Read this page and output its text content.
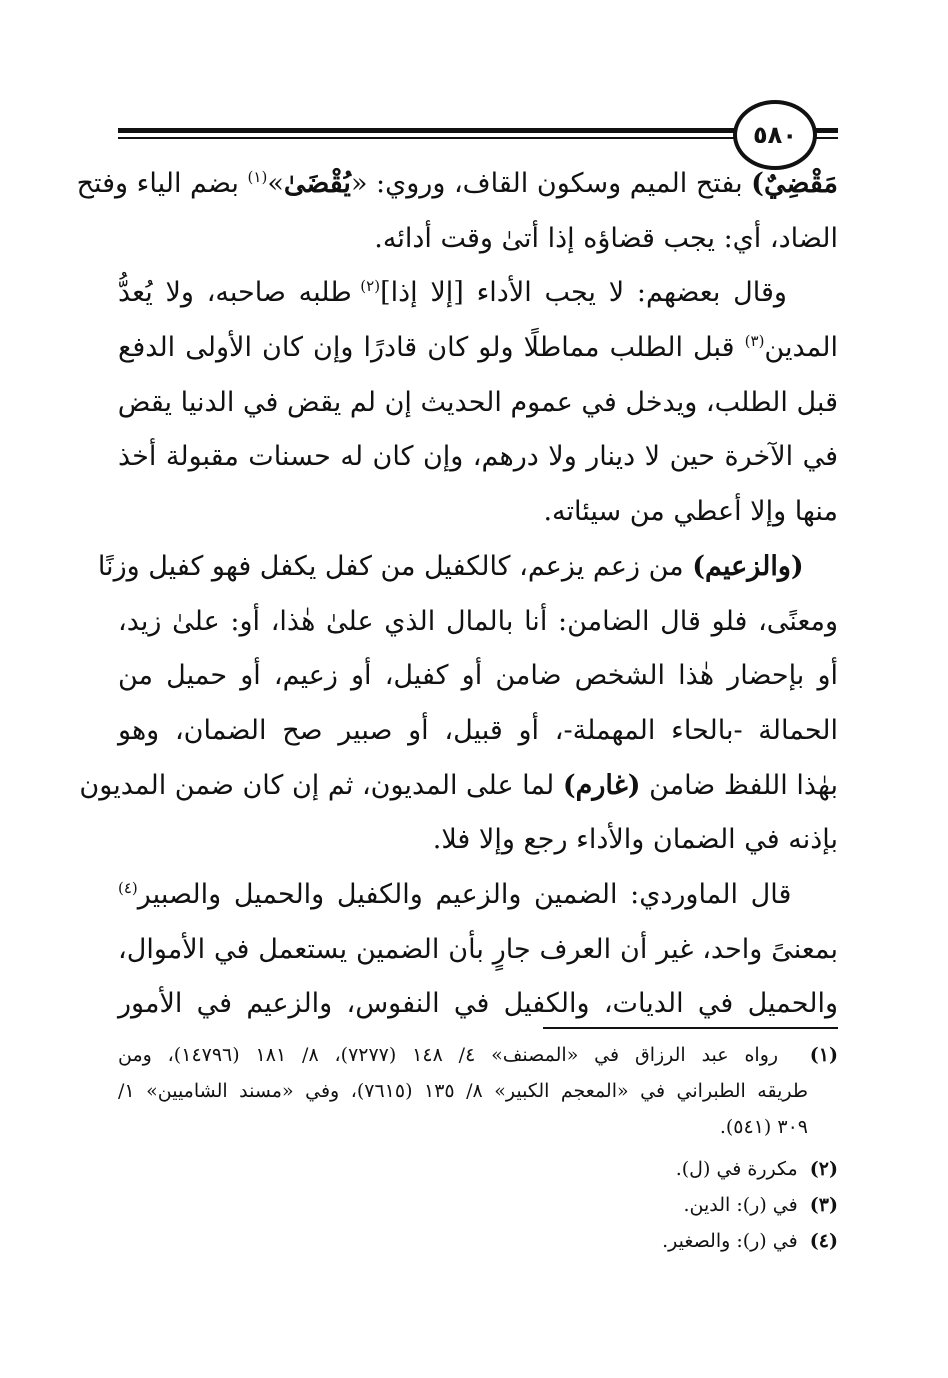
٥٨٠
مَقْضِيٌ) بفتح الميم وسكون القاف، وروي: «يُقْضَىٰ»$^{(١)}$ بضم الياء وفتح
الضاد، أي: يجب قضاؤه إذا أتىٰ وقت أدائه.
وقال بعضهم: لا يجب الأداء [إلا إذا]$^{(٢)}$ طلبه صاحبه، ولا يُعدُّ
المدين$^{(٣)}$ قبل الطلب مماطلًا ولو كان قادرًا وإن كان الأولى الدفع
قبل الطلب، ويدخل في عموم الحديث إن لم يقض في الدنيا يقض
في الآخرة حين لا دينار ولا درهم، وإن كان له حسنات مقبولة أخذ
منها وإلا أعطي من سيئاته.
(والزعيم) من زعم يزعم، كالكفيل من كفل يكفل فهو كفيل وزنًا
ومعنًى، فلو قال الضامن: أنا بالمال الذي علىٰ هٰذا، أو: علىٰ زيد،
أو بإحضار هٰذا الشخص ضامن أو كفيل، أو زعيم، أو حميل من
الحمالة -بالحاء المهملة-، أو قبيل، أو صبير صح الضمان، وهو
بهٰذا اللفظ ضامن (غارم) لما على المديون، ثم إن كان ضمن المديون
بإذنه في الضمان والأداء رجع وإلا فلا.
قال الماوردي: الضمين والزعيم والكفيل والحميل والصبير$^{(٤)}$
بمعنىً واحد، غير أن العرف جارٍ بأن الضمين يستعمل في الأموال،
والحميل في الديات، والكفيل في النفوس، والزعيم في الأمور
(١)  رواه عبد الرزاق في «المصنف» ٤/ ١٤٨ (٧٢٧٧)، ٨/ ١٨١ (١٤٧٩٦)، ومن
طريقه الطبراني في «المعجم الكبير» ٨/ ١٣٥ (٧٦١٥)، وفي «مسند الشاميين» ١/
٣٠٩ (٥٤١).
(٢)  مكررة في (ل).
(٣)  في (ر): الدين.
(٤)  في (ر): والصغير.
